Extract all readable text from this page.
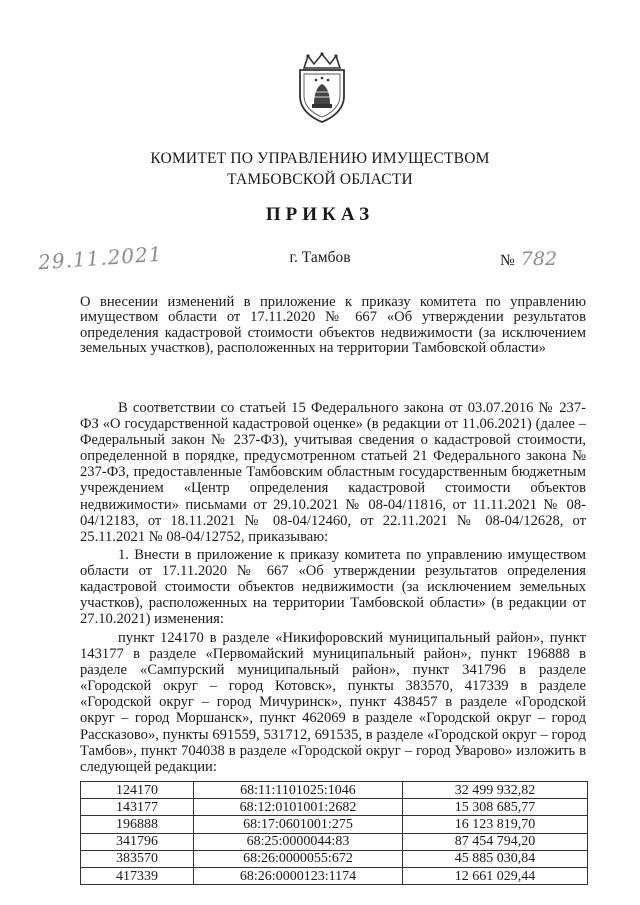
КОМИТЕТ ПО УПРАВЛЕНИЮ ИМУЩЕСТВОМ
ТАМБОВСКОЙ ОБЛАСТИ
ПРИКАЗ
29.11.2021	г. Тамбов	№ 782
О внесении изменений в приложение к приказу комитета по управлению имуществом области от 17.11.2020 № 667 «Об утверждении результатов определения кадастровой стоимости объектов недвижимости (за исключением земельных участков), расположенных на территории Тамбовской области»
В соответствии со статьей 15 Федерального закона от 03.07.2016 № 237-ФЗ «О государственной кадастровой оценке» (в редакции от 11.06.2021) (далее – Федеральный закон № 237-ФЗ), учитывая сведения о кадастровой стоимости, определенной в порядке, предусмотренном статьей 21 Федерального закона № 237-ФЗ, предоставленные Тамбовским областным государственным бюджетным учреждением «Центр определения кадастровой стоимости объектов недвижимости» письмами от 29.10.2021 № 08-04/11816, от 11.11.2021 № 08-04/12183, от 18.11.2021 № 08-04/12460, от 22.11.2021 № 08-04/12628, от 25.11.2021 № 08-04/12752, приказываю:
1. Внести в приложение к приказу комитета по управлению имуществом области от 17.11.2020 № 667 «Об утверждении результатов определения кадастровой стоимости объектов недвижимости (за исключением земельных участков), расположенных на территории Тамбовской области» (в редакции от 27.10.2021) изменения:
пункт 124170 в разделе «Никифоровский муниципальный район», пункт 143177 в разделе «Первомайский муниципальный район», пункт 196888 в разделе «Сампурский муниципальный район», пункт 341796 в разделе «Городской округ – город Котовск», пункты 383570, 417339 в разделе «Городской округ – город Мичуринск», пункт 438457 в разделе «Городской округ – город Моршанск», пункт 462069 в разделе «Городской округ – город Рассказово», пункты 691559, 531712, 691535, в разделе «Городской округ – город Тамбов», пункт 704038 в разделе «Городской округ – город Уварово» изложить в следующей редакции:
124170	68:11:1101025:1046	32 499 932,82
143177	68:12:0101001:2682	15 308 685,77
196888	68:17:0601001:275	16 123 819,70
341796	68:25:0000044:83	87 454 794,20
383570	68:26:0000055:672	45 885 030,84
417339	68:26:0000123:1174	12 661 029,44
